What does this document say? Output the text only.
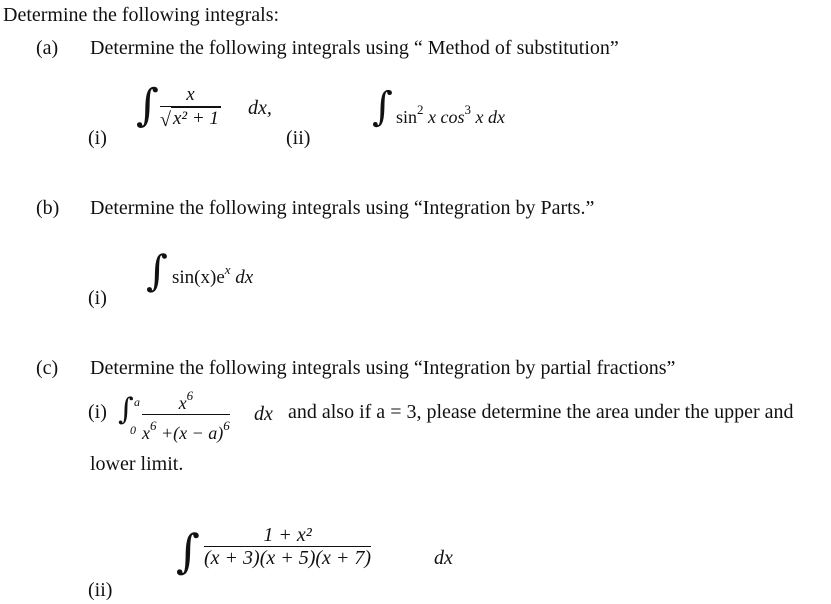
Determine the following integrals:
(a) Determine the following integrals using “ Method of substitution”
∫ x
√ x² + 1 dx,
(i)
∫ $\sin^2 x$ $\cos^3 x$ dx
(ii)
(b) Determine the following integrals using “Integration by Parts.”
∫ $\sin(x)e^x$ dx
(i)
(c) Determine the following integrals using “Integration by partial fractions”
(i) ∫ a
0
$x^6$
$x^6 +(x - a)^6$
dx and also if a = 3, please determine the area under the upper and
lower limit.
∫	1 + x²
(x + 3)(x + 5)(x + 7)	dx
(ii)
